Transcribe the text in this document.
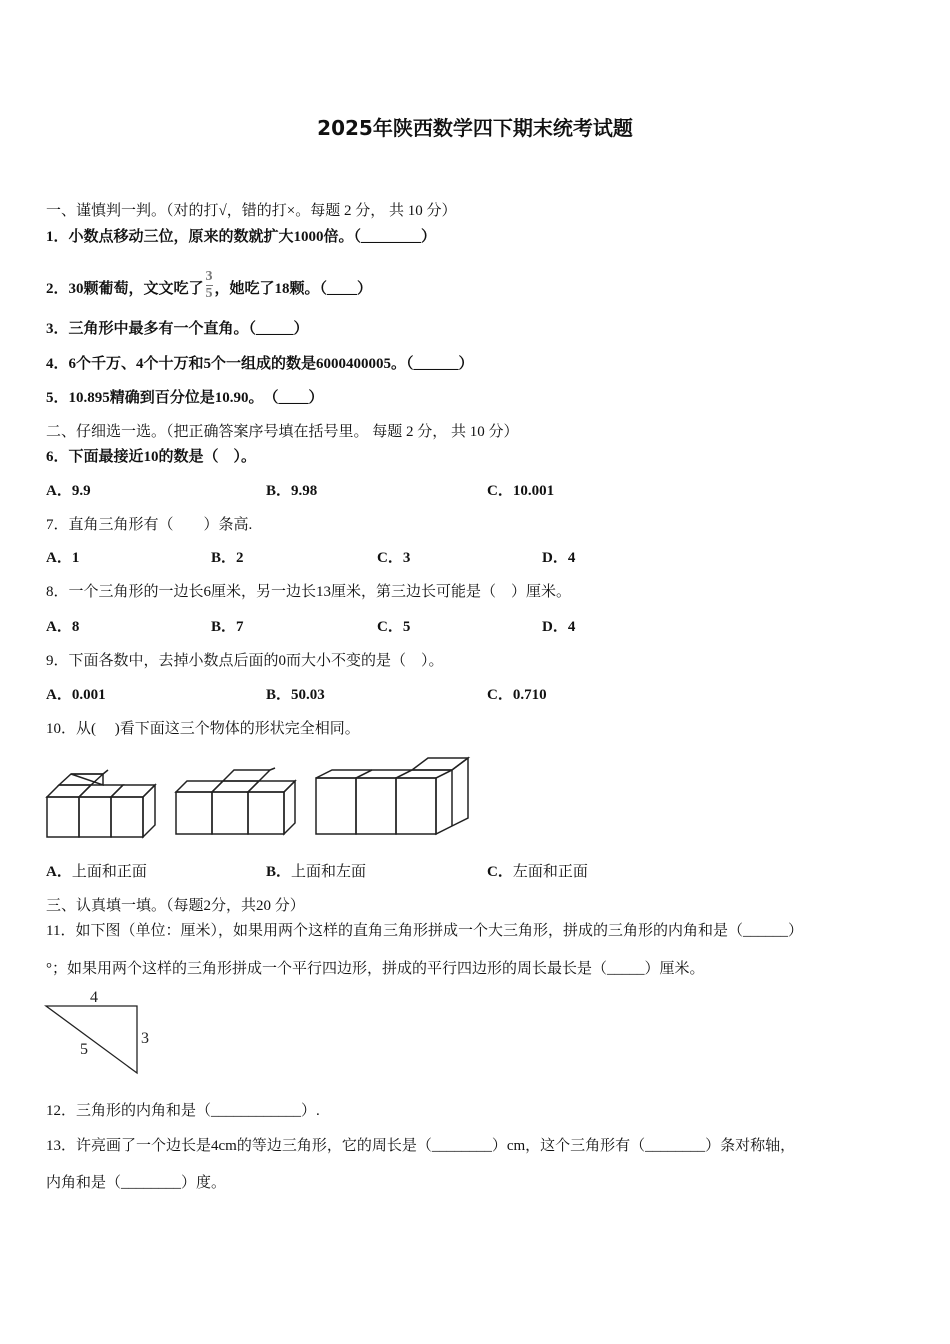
2025年陕西数学四下期末统考试题
一、谨慎判一判。（对的打√，错的打×。每题 2 分， 共 10 分）
1．小数点移动三位，原来的数就扩大1000倍。（________）
2．30颗葡萄，文文吃了 $\frac{3}{5}$ ，她吃了18颗。（____）
3．三角形中最多有一个直角。（_____）
4．6个千万、4个十万和5个一组成的数是6000400005。（______）
5．10.895精确到百分位是10.90。　（____）
二、仔细选一选。（把正确答案序号填在括号里。 每题 2 分， 共 10 分）
6．下面最接近10的数是（　）。
A．9.9	B．9.98	C．10.001
7．直角三角形有（　　）条高.
A．1	B．2	C．3	D．4
8．一个三角形的一边长6厘米，另一边长13厘米，第三边长可能是（　）厘米。
A．8	B．7	C．5	D．4
9．下面各数中，去掉小数点后面的0而大小不变的是（　）。
A．0.001	B．50.03	C．0.710
10．从(　 )看下面这三个物体的形状完全相同。
A．上面和正面	B．上面和左面	C．左面和正面
三、认真填一填。（每题2分，共20 分）
11．如下图（单位：厘米），如果用两个这样的直角三角形拼成一个大三角形，拼成的三角形的内角和是（______）
°；如果用两个这样的三角形拼成一个平行四边形，拼成的平行四边形的周长最长是（_____）厘米。
4
3
5
12．三角形的内角和是（____________）.
13．许亮画了一个边长是4cm的等边三角形，它的周长是（________）cm，这个三角形有（________）条对称轴，
内角和是（________）度。
